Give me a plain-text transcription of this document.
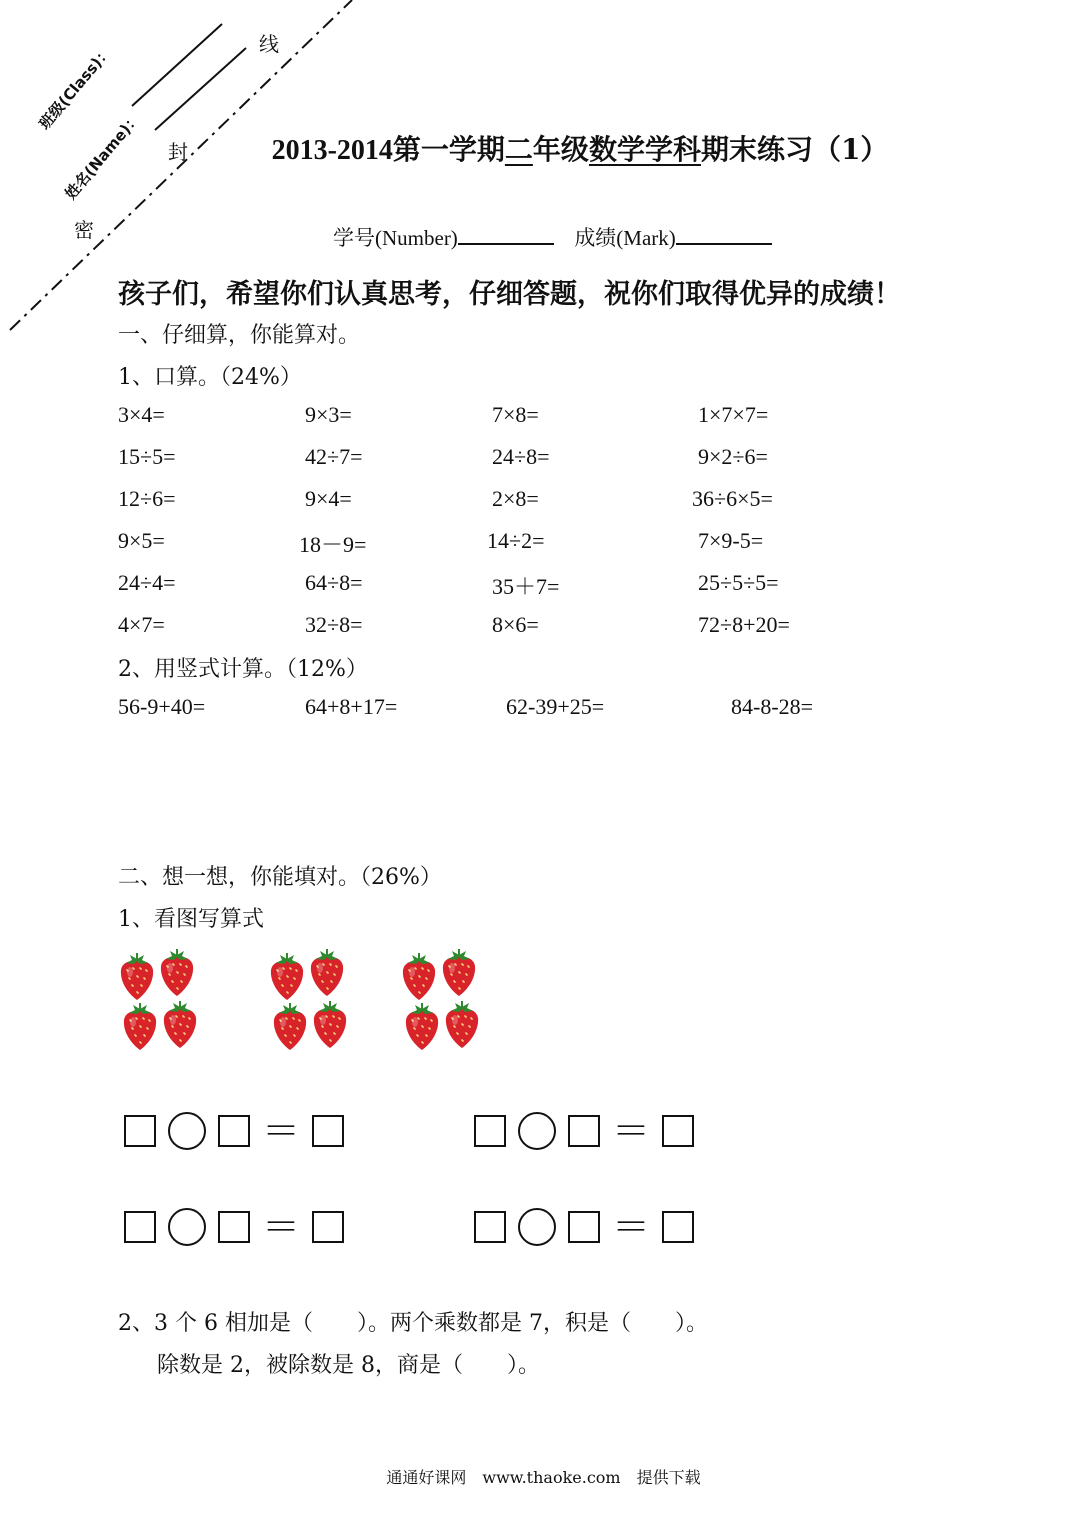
班级(Class)：
姓名(Name)：
密
封
线
2013-2014第一学期二年级数学学科期末练习（1）
学号(Number)	成绩(Mark)
孩子们，希望你们认真思考，仔细答题，祝你们取得优异的成绩！
一、仔细算，你能算对。
1、口算。（24%）
3×4=	9×3=	7×8=	1×7×7=
15÷5=	42÷7=	24÷8=	9×2÷6=
12÷6=	9×4=	2×8=	36÷6×5=
9×5=	18－9=	14÷2=	7×9-5=
24÷4=	64÷8=	35＋7=	25÷5÷5=
4×7=	32÷8=	8×6=	72÷8+20=
2、用竖式计算。（12%）
56-9+40=	64+8+17=	62-39+25=	84-8-28=
二、想一想，你能填对。（26%）
1、看图写算式
＝	＝
＝	＝
2、3 个 6 相加是（　　）。两个乘数都是 7，积是（　　）。
除数是 2，被除数是 8，商是（　　）。
通通好课网　www.thaoke.com　提供下载
